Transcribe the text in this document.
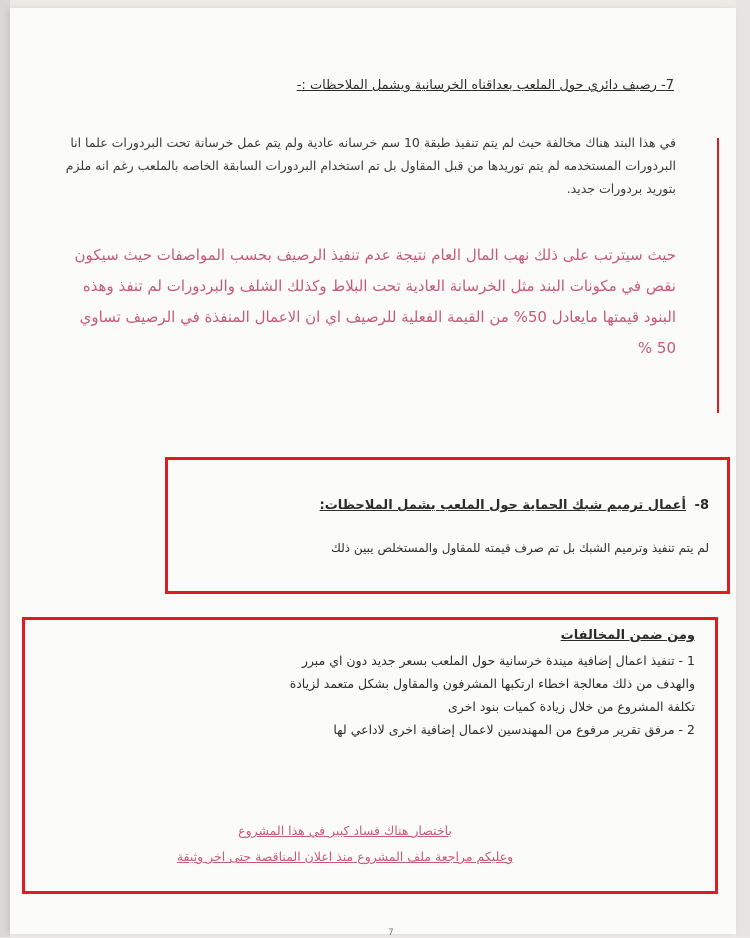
7- رصيف دائري حول الملعب بعداقناه الخرسانية ويشمل الملاحظات :-
في هذا البند هناك مخالفة حيث لم يتم تنفيذ طبقة 10 سم خرسانه عادية ولم يتم عمل خرسانة تحت البردورات علما انا البردورات المستخدمه لم يتم توريدها من قبل المقاول بل تم استخدام البردورات السابقة الخاصه بالملعب رغم انه ملزم بتوريد بردورات جديد.
حيث سيترتب على ذلك نهب المال العام نتيجة عدم تنفيذ الرصيف بحسب المواصفات حيث سيكون نقص في مكونات البند مثل الخرسانة العادية تحت البلاط وكذلك الشلف والبردورات لم تنفذ وهذه البنود قيمتها مايعادل 50% من القيمة الفعلية للرصيف اي ان الاعمال المنفذة في الرصيف تساوي 50 %
8- أعمال ترميم شبك الحماية حول الملعب يشمل الملاحظات:
لم يتم تنفيذ وترميم الشبك بل تم صرف قيمته للمقاول والمستخلص يبين ذلك
ومن ضمن المخالفات
1 - تنفيذ اعمال إضافية ميندة خرسانية حول الملعب بسعر جديد دون اي مبرر
والهدف من ذلك معالجة اخطاء ارتكبها المشرفون والمقاول بشكل متعمد لزيادة
تكلفة المشروع من خلال زيادة كميات بنود اخرى
2 - مرفق تقرير مرفوع من المهندسين لاعمال إضافية اخرى لاداعي لها
باختصار هناك فساد كبير في هذا المشروع
وعليكم مراجعة ملف المشروع منذ اعلان المناقصة حتى اخر وثيقة
7
